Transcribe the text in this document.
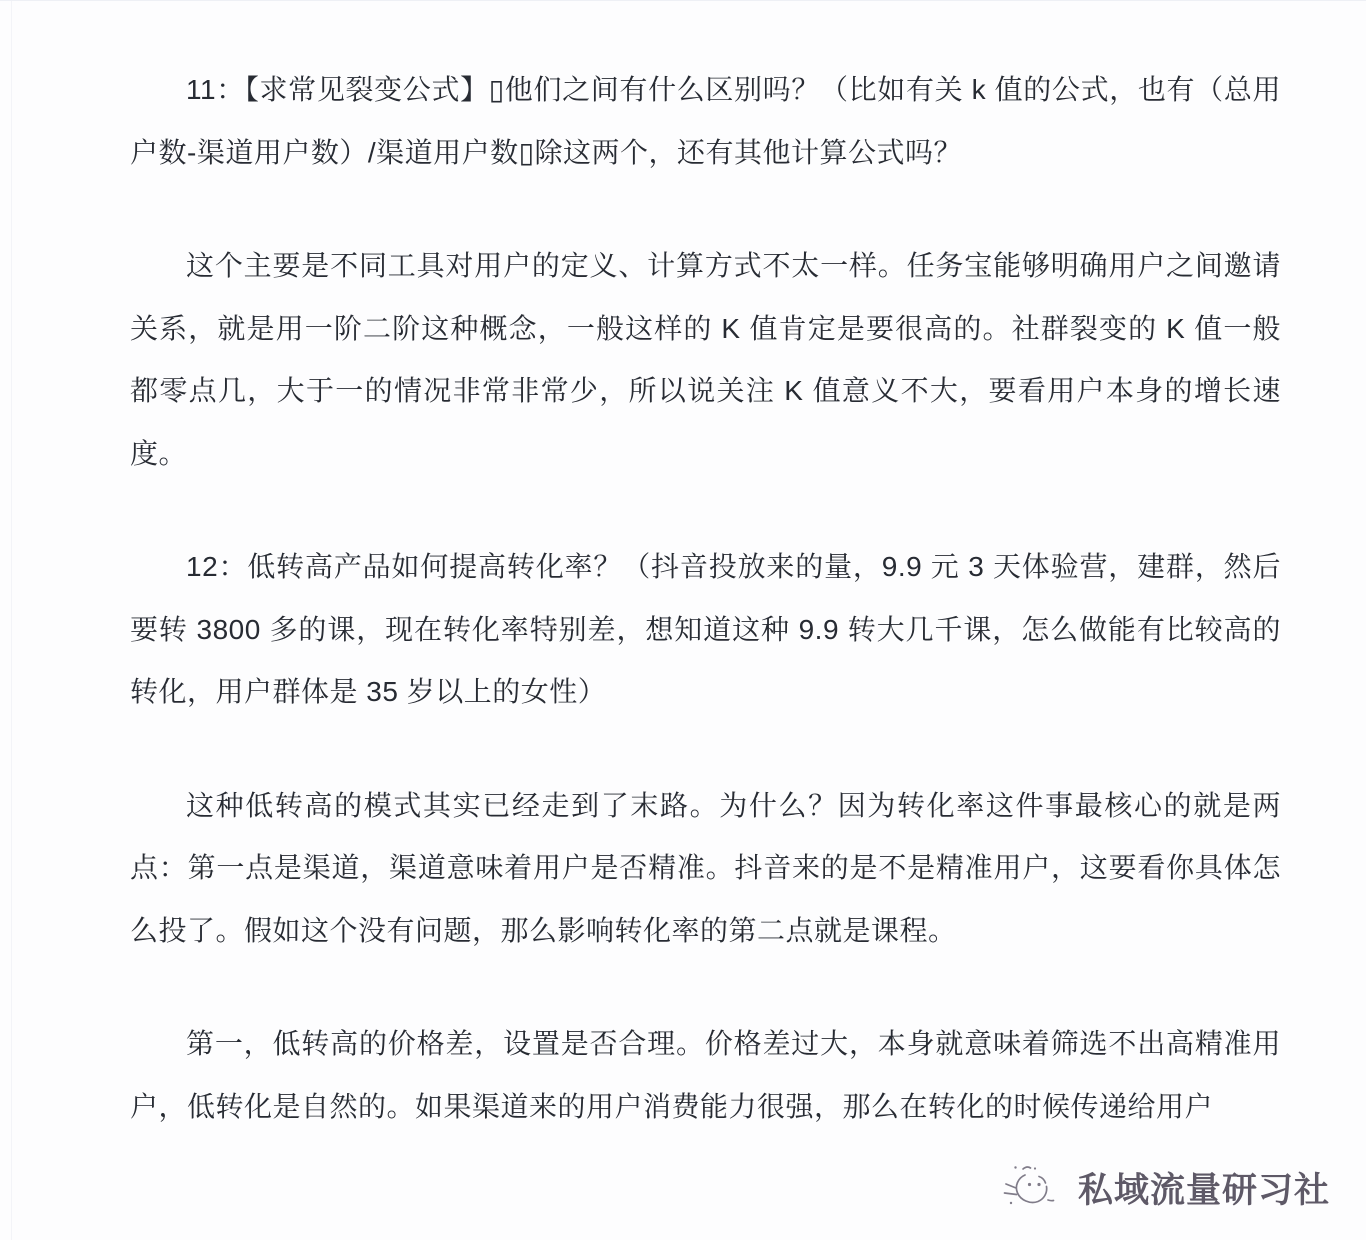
11：【求常见裂变公式】▯他们之间有什么区别吗？（比如有关 k 值的公式，也有（总用户数-渠道用户数）/渠道用户数▯除这两个，还有其他计算公式吗？

这个主要是不同工具对用户的定义、计算方式不太一样。任务宝能够明确用户之间邀请关系，就是用一阶二阶这种概念，一般这样的 K 值肯定是要很高的。社群裂变的 K 值一般都零点几，大于一的情况非常非常少，所以说关注 K 值意义不大，要看用户本身的增长速度。

12：低转高产品如何提高转化率？（抖音投放来的量，9.9 元 3 天体验营，建群，然后要转 3800 多的课，现在转化率特别差，想知道这种 9.9 转大几千课，怎么做能有比较高的转化，用户群体是 35 岁以上的女性）

这种低转高的模式其实已经走到了末路。为什么？因为转化率这件事最核心的就是两点：第一点是渠道，渠道意味着用户是否精准。抖音来的是不是精准用户，这要看你具体怎么投了。假如这个没有问题，那么影响转化率的第二点就是课程。

第一，低转高的价格差，设置是否合理。价格差过大，本身就意味着筛选不出高精准用户，低转化是自然的。如果渠道来的用户消费能力很强，那么在转化的时候传递给用户

私域流量研习社
